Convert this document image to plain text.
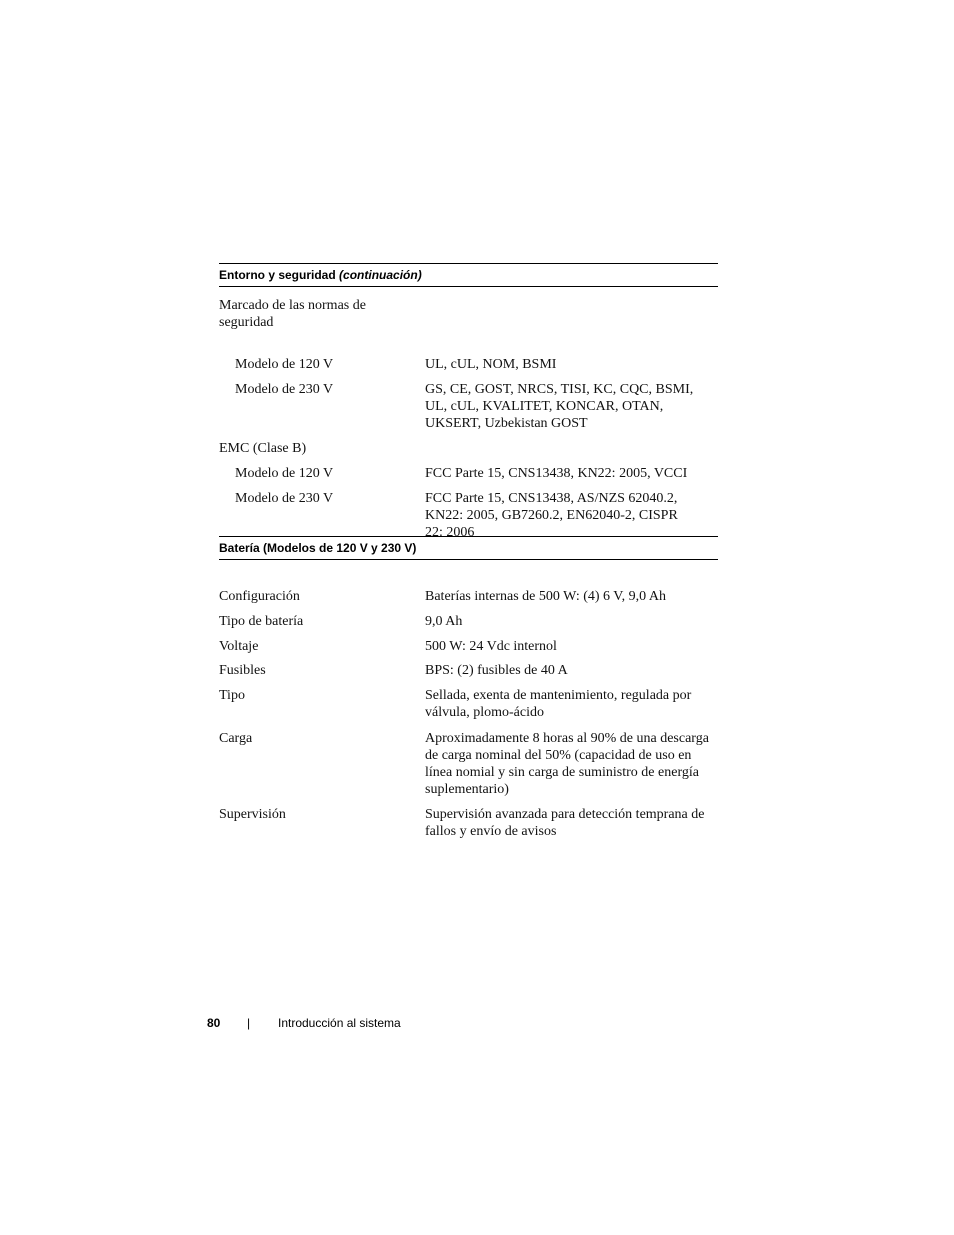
Entorno y seguridad (continuación)
Marcado de las normas de seguridad
Modelo de 120 V	UL, cUL, NOM, BSMI
Modelo de 230 V	GS, CE, GOST, NRCS, TISI, KC, CQC, BSMI, UL, cUL, KVALITET, KONCAR, OTAN, UKSERT, Uzbekistan GOST
EMC (Clase B)
Modelo de 120 V	FCC Parte 15, CNS13438, KN22: 2005, VCCI
Modelo de 230 V	FCC Parte 15, CNS13438, AS/NZS 62040.2, KN22: 2005, GB7260.2, EN62040-2, CISPR 22: 2006
Batería (Modelos de 120 V y 230 V)
Configuración	Baterías internas de 500 W: (4) 6 V, 9,0 Ah
Tipo de batería	9,0 Ah
Voltaje	500 W: 24 Vdc internol
Fusibles	BPS: (2) fusibles de 40 A
Tipo	Sellada, exenta de mantenimiento, regulada por válvula, plomo-ácido
Carga	Aproximadamente 8 horas al 90% de una descarga de carga nominal del 50% (capacidad de uso en línea nomial y sin carga de suministro de energía suplementario)
Supervisión	Supervisión avanzada para detección temprana de fallos y envío de avisos
80 | Introducción al sistema
